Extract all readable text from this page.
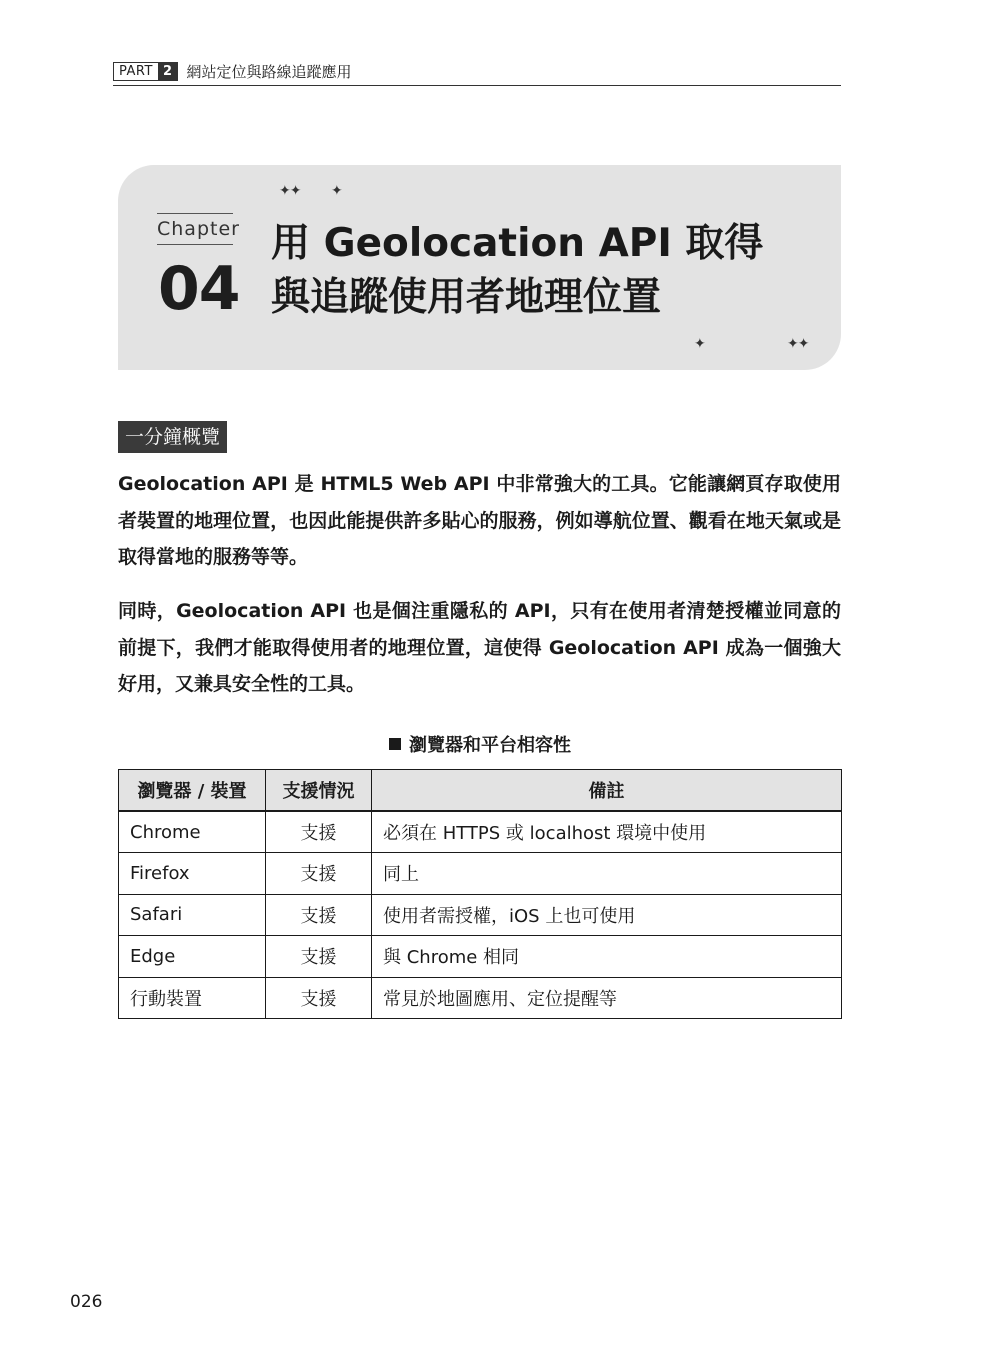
PART 2 網站定位與路線追蹤應用
✦✦ ✦
Chapter
04
用 Geolocation API 取得
與追蹤使用者地理位置
✦	✦✦
一分鐘概覽

Geolocation API 是 HTML5 Web API 中非常強大的工具。它能讓網頁存取使用者裝置的地理位置，也因此能提供許多貼心的服務，例如導航位置、觀看在地天氣或是取得當地的服務等等。

同時，Geolocation API 也是個注重隱私的 API，只有在使用者清楚授權並同意的前提下，我們才能取得使用者的地理位置，這使得 Geolocation API 成為一個強大好用，又兼具安全性的工具。

瀏覽器和平台相容性

瀏覽器 / 裝置	支援情況	備註
Chrome	支援	必須在 HTTPS 或 localhost 環境中使用
Firefox	支援	同上
Safari	支援	使用者需授權，iOS 上也可使用
Edge	支援	與 Chrome 相同
行動裝置	支援	常見於地圖應用、定位提醒等
026
